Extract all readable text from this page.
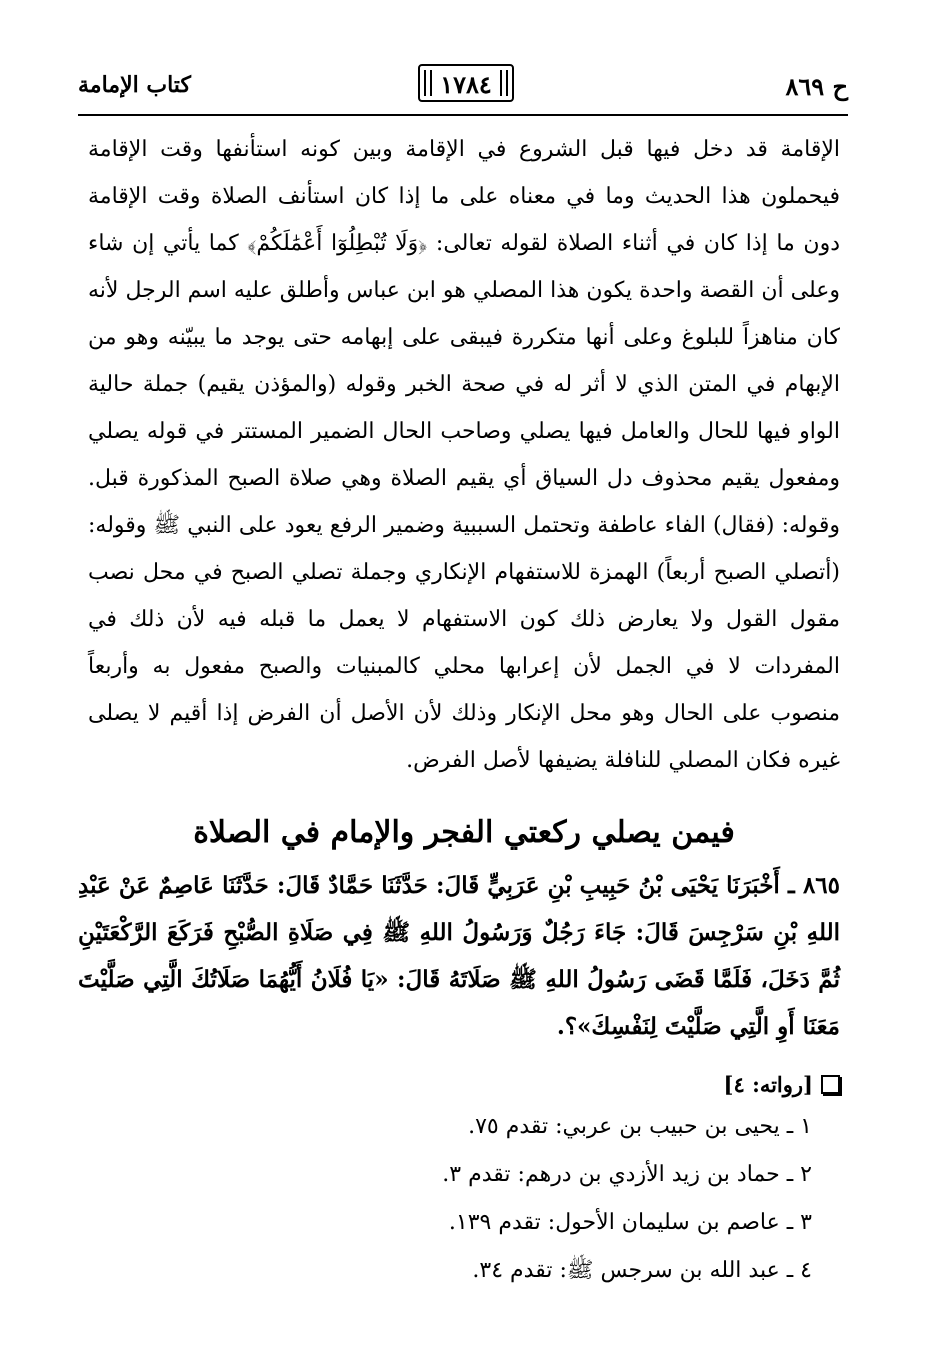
ح ٨٦٩
١٧٨٤
كتاب الإمامة

الإقامة قد دخل فيها قبل الشروع في الإقامة وبين كونه استأنفها وقت الإقامة فيحملون هذا الحديث وما في معناه على ما إذا كان استأنف الصلاة وقت الإقامة دون ما إذا كان في أثناء الصلاة لقوله تعالى: ﴿وَلَا تُبْطِلُوٓا أَعْمَٰلَكُمْ﴾ كما يأتي إن شاء وعلى أن القصة واحدة يكون هذا المصلي هو ابن عباس وأطلق عليه اسم الرجل لأنه كان مناهزاً للبلوغ وعلى أنها متكررة فيبقى على إبهامه حتى يوجد ما يبيّنه وهو من الإبهام في المتن الذي لا أثر له في صحة الخبر وقوله (والمؤذن يقيم) جملة حالية الواو فيها للحال والعامل فيها يصلي وصاحب الحال الضمير المستتر في قوله يصلي ومفعول يقيم محذوف دل السياق أي يقيم الصلاة وهي صلاة الصبح المذكورة قبل. وقوله: (فقال) الفاء عاطفة وتحتمل السببية وضمير الرفع يعود على النبي ﷺ وقوله: (أتصلي الصبح أربعاً) الهمزة للاستفهام الإنكاري وجملة تصلي الصبح في محل نصب مقول القول ولا يعارض ذلك كون الاستفهام لا يعمل ما قبله فيه لأن ذلك في المفردات لا في الجمل لأن إعرابها محلي كالمبنيات والصبح مفعول به وأربعاً منصوب على الحال وهو محل الإنكار وذلك لأن الأصل أن الفرض إذا أقيم لا يصلى غيره فكان المصلي للنافلة يضيفها لأصل الفرض.

فيمن يصلي ركعتي الفجر والإمام في الصلاة
٨٦٥ ـ أَخْبَرَنَا يَحْيَى بْنُ حَبِيبِ بْنِ عَرَبِيٍّ قَالَ: حَدَّثَنَا حَمَّادٌ قَالَ: حَدَّثَنَا عَاصِمٌ عَنْ عَبْدِ اللهِ بْنِ سَرْجِسَ قَالَ: جَاءَ رَجُلٌ وَرَسُولُ اللهِ ﷺ فِي صَلَاةِ الصُّبْحِ فَرَكَعَ الرَّكْعَتَيْنِ ثُمَّ دَخَلَ، فَلَمَّا قَضَى رَسُولُ اللهِ ﷺ صَلَاتَهُ قَالَ: «يَا فُلَانُ أَيُّهُمَا صَلَاتُكَ الَّتِي صَلَّيْتَ مَعَنَا أَوِ الَّتِي صَلَّيْتَ لِنَفْسِكَ»؟.
[رواته: ٤]
١ ـ يحيى بن حبيب بن عربي: تقدم ٧٥.
٢ ـ حماد بن زيد الأزدي بن درهم: تقدم ٣.
٣ ـ عاصم بن سليمان الأحول: تقدم ١٣٩.
٤ ـ عبد الله بن سرجس ﷺ: تقدم ٣٤.
